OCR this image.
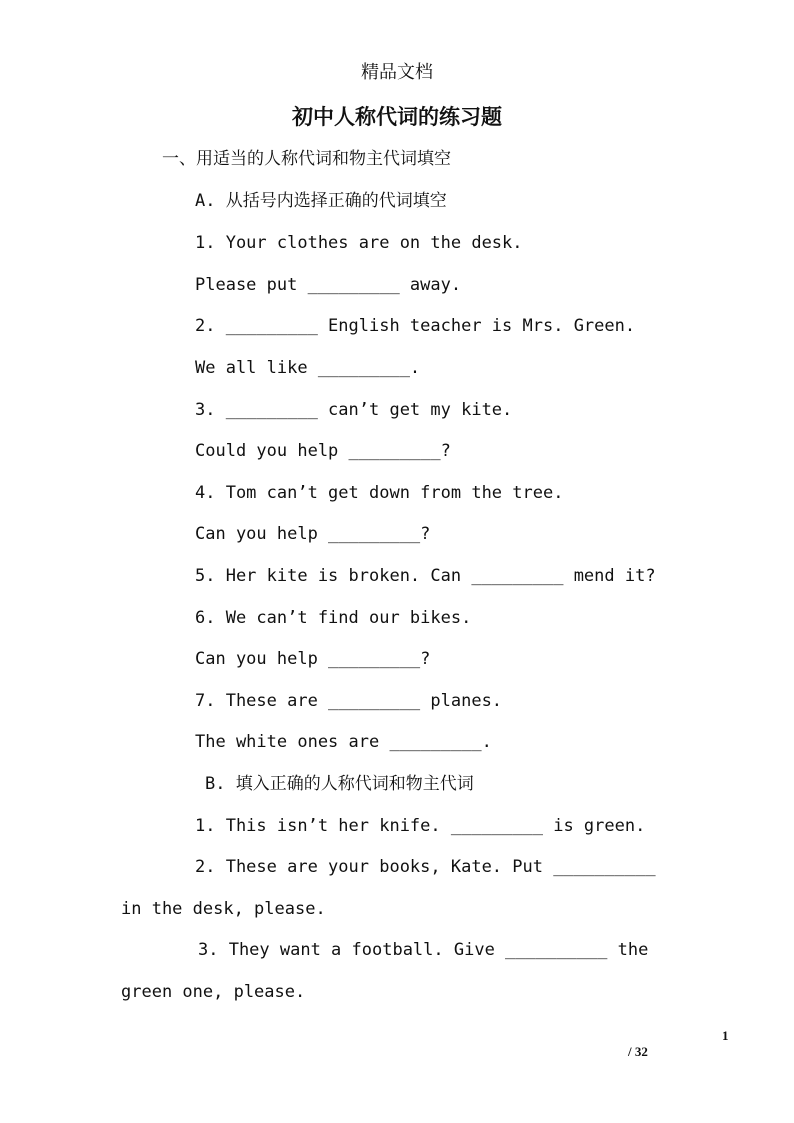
精品文档
初中人称代词的练习题
一、用适当的人称代词和物主代词填空
A. 从括号内选择正确的代词填空
1. Your clothes are on the desk.
Please put _________ away.
2. _________ English teacher is Mrs. Green.
We all like _________.
3. _________ can’t get my kite.
Could you help _________?
4. Tom can’t get down from the tree.
Can you help _________?
5. Her kite is broken. Can _________ mend it?
6. We can’t find our bikes.
Can you help _________?
7. These are _________ planes.
The white ones are _________.
B. 填入正确的人称代词和物主代词
1. This isn’t her knife. _________ is green.
2. These are your books, Kate. Put __________
in the desk, please.
3. They want a football. Give __________ the
green one, please.
1
/ 32
